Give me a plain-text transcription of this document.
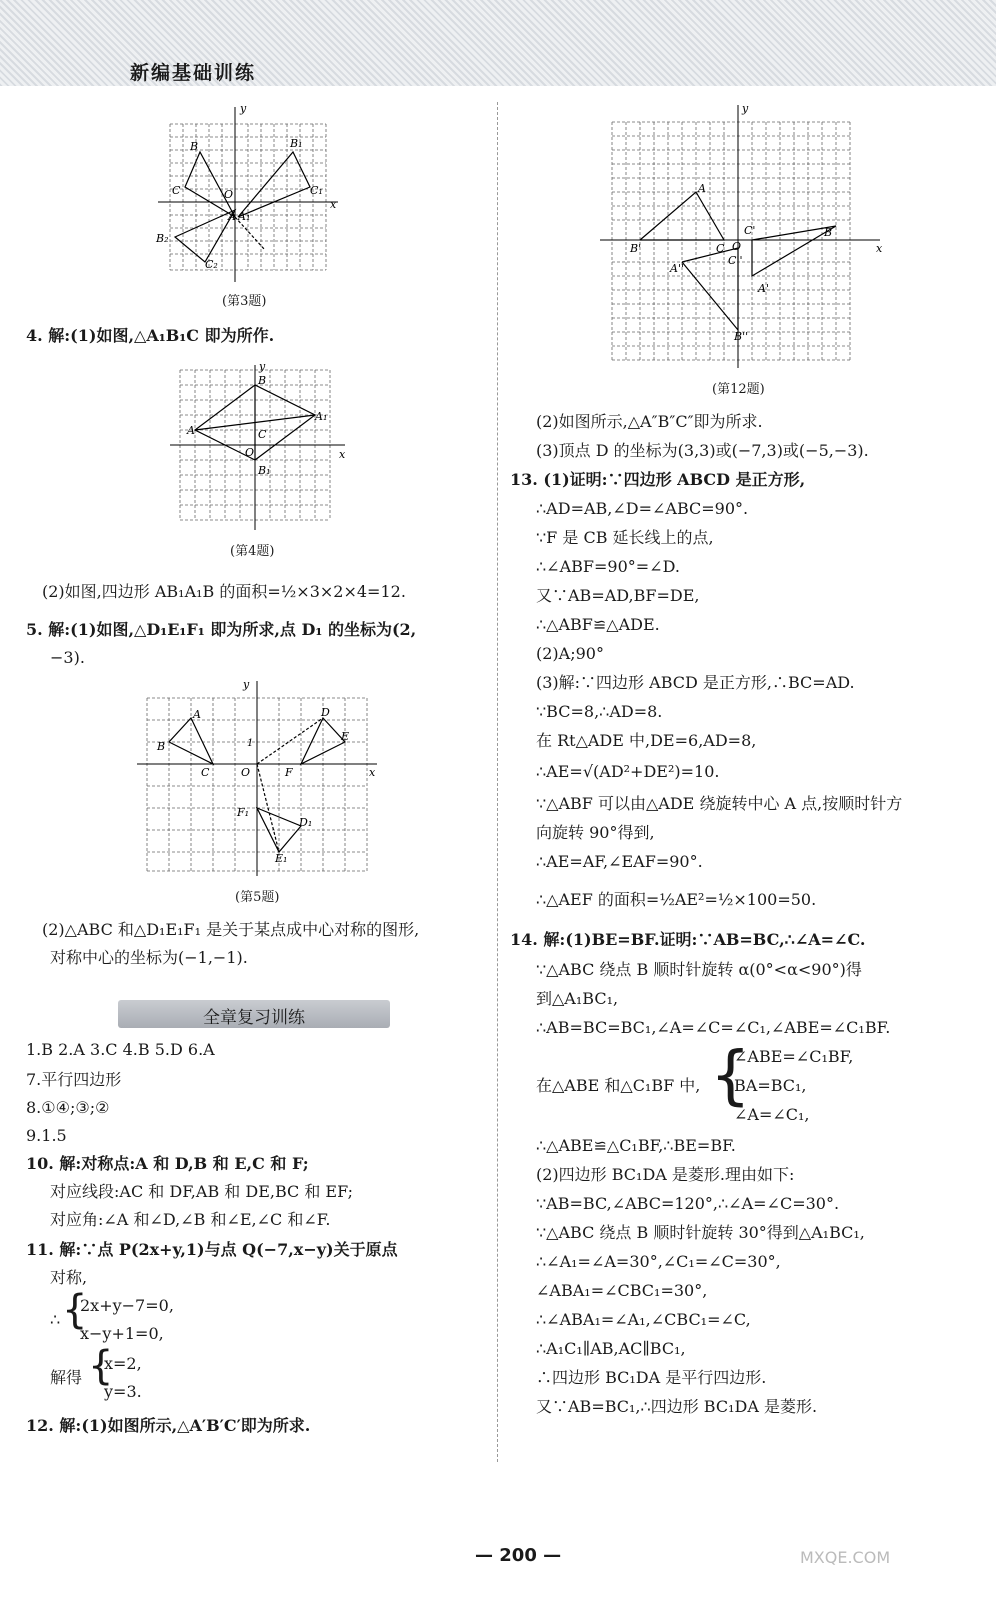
新编基础训练
B	B₁
C	C₁
O
A A₁
B₂
C₂
x
y
(第3题)
4. 解:(1)如图,△A₁B₁C 即为所作.
B
A
A₁
C
O
B₁
x
y
(第4题)
(2)如图,四边形 AB₁A₁B 的面积=½×3×2×4=12.
5. 解:(1)如图,△D₁E₁F₁ 即为所求,点 D₁ 的坐标为(2,
−3).
A
B
C	O
D
E
F
F₁
D₁
E₁
x
y
1
(第5题)
(2)△ABC 和△D₁E₁F₁ 是关于某点成中心对称的图形,
对称中心的坐标为(−1,−1).
全章复习训练
1.B 2.A 3.C 4.B 5.D 6.A
7.平行四边形
8.①④;③;②
9.1.5
10. 解:对称点:A 和 D,B 和 E,C 和 F;
对应线段:AC 和 DF,AB 和 DE,BC 和 EF;
对应角:∠A 和∠D,∠B 和∠E,∠C 和∠F.
11. 解:∵点 P(2x+y,1)与点 Q(−7,x−y)关于原点
对称,
∴ {
2x+y−7=0,
x−y+1=0,
解得 {
x=2,
y=3.
12. 解:(1)如图所示,△A′B′C′即为所求.
A
B'	C O
C'	B
A''
C''
A'
B''
x
y
(第12题)
(2)如图所示,△A″B″C″即为所求.
(3)顶点 D 的坐标为(3,3)或(−7,3)或(−5,−3).
13. (1)证明:∵四边形 ABCD 是正方形,
∴AD=AB,∠D=∠ABC=90°.
∵F 是 CB 延长线上的点,
∴∠ABF=90°=∠D.
又∵AB=AD,BF=DE,
∴△ABF≌△ADE.
(2)A;90°
(3)解:∵四边形 ABCD 是正方形,∴BC=AD.
∵BC=8,∴AD=8.
在 Rt△ADE 中,DE=6,AD=8,
∴AE=√(AD²+DE²)=10.
∵△ABF 可以由△ADE 绕旋转中心 A 点,按顺时针方
向旋转 90°得到,
∴AE=AF,∠EAF=90°.
∴△AEF 的面积=½AE²=½×100=50.
14. 解:(1)BE=BF.证明:∵AB=BC,∴∠A=∠C.
∵△ABC 绕点 B 顺时针旋转 α(0°<α<90°)得
到△A₁BC₁,
∴AB=BC=BC₁,∠A=∠C=∠C₁,∠ABE=∠C₁BF.
在△ABE 和△C₁BF 中, {
∠ABE=∠C₁BF,
BA=BC₁,
∠A=∠C₁,
∴△ABE≌△C₁BF,∴BE=BF.
(2)四边形 BC₁DA 是菱形.理由如下:
∵AB=BC,∠ABC=120°,∴∠A=∠C=30°.
∵△ABC 绕点 B 顺时针旋转 30°得到△A₁BC₁,
∴∠A₁=∠A=30°,∠C₁=∠C=30°,
∠ABA₁=∠CBC₁=30°,
∴∠ABA₁=∠A₁,∠CBC₁=∠C,
∴A₁C₁∥AB,AC∥BC₁,
∴四边形 BC₁DA 是平行四边形.
又∵AB=BC₁,∴四边形 BC₁DA 是菱形.
— 200 —	MXQE.COM
